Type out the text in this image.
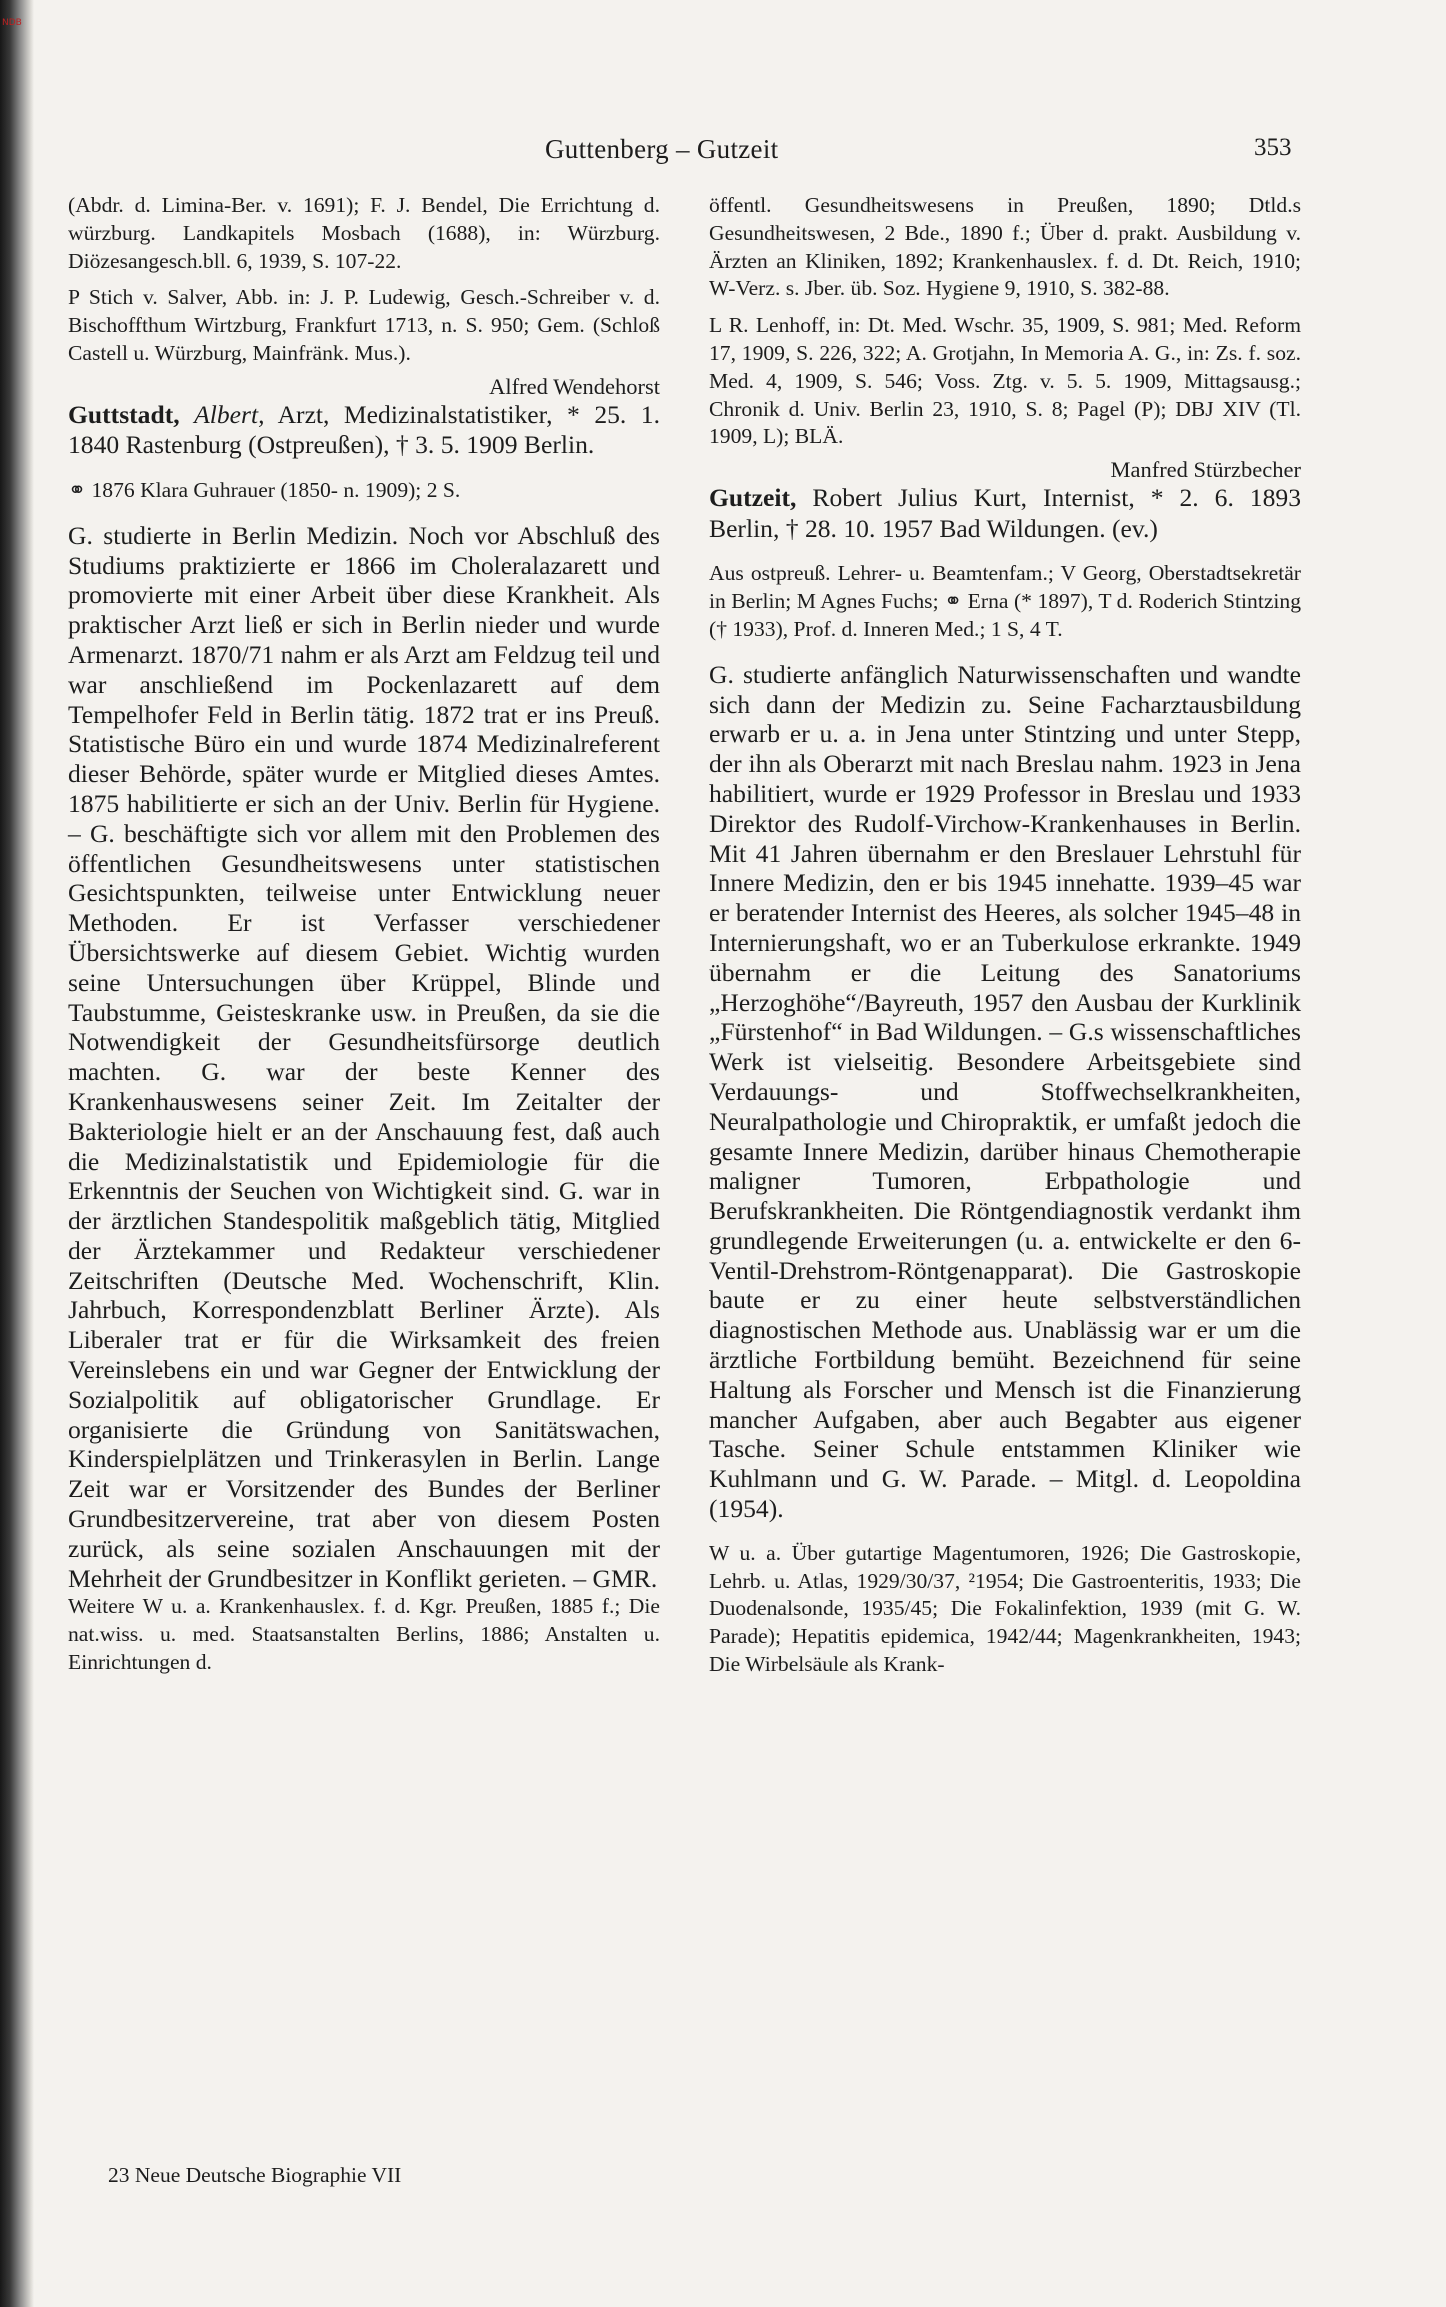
NDB
Guttenberg – Gutzeit	353

(Abdr. d. Limina-Ber. v. 1691); F. J. Bendel, Die Errichtung d. würzburg. Landkapitels Mosbach (1688), in: Würzburg. Diözesangesch.bll. 6, 1939, S. 107-22.

P Stich v. Salver, Abb. in: J. P. Ludewig, Gesch.-Schreiber v. d. Bischoffthum Wirtzburg, Frankfurt 1713, n. S. 950; Gem. (Schloß Castell u. Würzburg, Mainfränk. Mus.).

Alfred Wendehorst

Guttstadt, Albert, Arzt, Medizinalstatistiker, * 25. 1. 1840 Rastenburg (Ostpreußen), † 3. 5. 1909 Berlin.

⚭ 1876 Klara Guhrauer (1850- n. 1909); 2 S.

G. studierte in Berlin Medizin. Noch vor Abschluß des Studiums praktizierte er 1866 im Choleralazarett und promovierte mit einer Arbeit über diese Krankheit. Als praktischer Arzt ließ er sich in Berlin nieder und wurde Armenarzt. 1870/71 nahm er als Arzt am Feldzug teil und war anschließend im Pockenlazarett auf dem Tempelhofer Feld in Berlin tätig. 1872 trat er ins Preuß. Statistische Büro ein und wurde 1874 Medizinalreferent dieser Behörde, später wurde er Mitglied dieses Amtes. 1875 habilitierte er sich an der Univ. Berlin für Hygiene. – G. beschäftigte sich vor allem mit den Problemen des öffentlichen Gesundheitswesens unter statistischen Gesichtspunkten, teilweise unter Entwicklung neuer Methoden. Er ist Verfasser verschiedener Übersichtswerke auf diesem Gebiet. Wichtig wurden seine Untersuchungen über Krüppel, Blinde und Taubstumme, Geisteskranke usw. in Preußen, da sie die Notwendigkeit der Gesundheitsfürsorge deutlich machten. G. war der beste Kenner des Krankenhauswesens seiner Zeit. Im Zeitalter der Bakteriologie hielt er an der Anschauung fest, daß auch die Medizinalstatistik und Epidemiologie für die Erkenntnis der Seuchen von Wichtigkeit sind. G. war in der ärztlichen Standespolitik maßgeblich tätig, Mitglied der Ärztekammer und Redakteur verschiedener Zeitschriften (Deutsche Med. Wochenschrift, Klin. Jahrbuch, Korrespondenzblatt Berliner Ärzte). Als Liberaler trat er für die Wirksamkeit des freien Vereinslebens ein und war Gegner der Entwicklung der Sozialpolitik auf obligatorischer Grundlage. Er organisierte die Gründung von Sanitätswachen, Kinderspielplätzen und Trinkerasylen in Berlin. Lange Zeit war er Vorsitzender des Bundes der Berliner Grundbesitzervereine, trat aber von diesem Posten zurück, als seine sozialen Anschauungen mit der Mehrheit der Grundbesitzer in Konflikt gerieten. – GMR.

Weitere W u. a. Krankenhauslex. f. d. Kgr. Preußen, 1885 f.; Die nat.wiss. u. med. Staatsanstalten Berlins, 1886; Anstalten u. Einrichtungen d.

öffentl. Gesundheitswesens in Preußen, 1890; Dtld.s Gesundheitswesen, 2 Bde., 1890 f.; Über d. prakt. Ausbildung v. Ärzten an Kliniken, 1892; Krankenhauslex. f. d. Dt. Reich, 1910; W-Verz. s. Jber. üb. Soz. Hygiene 9, 1910, S. 382-88.

L R. Lenhoff, in: Dt. Med. Wschr. 35, 1909, S. 981; Med. Reform 17, 1909, S. 226, 322; A. Grotjahn, In Memoria A. G., in: Zs. f. soz. Med. 4, 1909, S. 546; Voss. Ztg. v. 5. 5. 1909, Mittagsausg.; Chronik d. Univ. Berlin 23, 1910, S. 8; Pagel (P); DBJ XIV (Tl. 1909, L); BLÄ.

Manfred Stürzbecher

Gutzeit, Robert Julius Kurt, Internist, * 2. 6. 1893 Berlin, † 28. 10. 1957 Bad Wildungen. (ev.)

Aus ostpreuß. Lehrer- u. Beamtenfam.; V Georg, Oberstadtsekretär in Berlin; M Agnes Fuchs; ⚭ Erna (* 1897), T d. Roderich Stintzing († 1933), Prof. d. Inneren Med.; 1 S, 4 T.

G. studierte anfänglich Naturwissenschaften und wandte sich dann der Medizin zu. Seine Facharztausbildung erwarb er u. a. in Jena unter Stintzing und unter Stepp, der ihn als Oberarzt mit nach Breslau nahm. 1923 in Jena habilitiert, wurde er 1929 Professor in Breslau und 1933 Direktor des Rudolf-Virchow-Krankenhauses in Berlin. Mit 41 Jahren übernahm er den Breslauer Lehrstuhl für Innere Medizin, den er bis 1945 innehatte. 1939–45 war er beratender Internist des Heeres, als solcher 1945–48 in Internierungshaft, wo er an Tuberkulose erkrankte. 1949 übernahm er die Leitung des Sanatoriums „Herzoghöhe“/Bayreuth, 1957 den Ausbau der Kurklinik „Fürstenhof“ in Bad Wildungen. – G.s wissenschaftliches Werk ist vielseitig. Besondere Arbeitsgebiete sind Verdauungs- und Stoffwechselkrankheiten, Neuralpathologie und Chiropraktik, er umfaßt jedoch die gesamte Innere Medizin, darüber hinaus Chemotherapie maligner Tumoren, Erbpathologie und Berufskrankheiten. Die Röntgendiagnostik verdankt ihm grundlegende Erweiterungen (u. a. entwickelte er den 6-Ventil-Drehstrom-Röntgenapparat). Die Gastroskopie baute er zu einer heute selbstverständlichen diagnostischen Methode aus. Unablässig war er um die ärztliche Fortbildung bemüht. Bezeichnend für seine Haltung als Forscher und Mensch ist die Finanzierung mancher Aufgaben, aber auch Begabter aus eigener Tasche. Seiner Schule entstammen Kliniker wie Kuhlmann und G. W. Parade. – Mitgl. d. Leopoldina (1954).

W u. a. Über gutartige Magentumoren, 1926; Die Gastroskopie, Lehrb. u. Atlas, 1929/30/37, ²1954; Die Gastroenteritis, 1933; Die Duodenalsonde, 1935/45; Die Fokalinfektion, 1939 (mit G. W. Parade); Hepatitis epidemica, 1942/44; Magenkrankheiten, 1943; Die Wirbelsäule als Krank-

23 Neue Deutsche Biographie VII
